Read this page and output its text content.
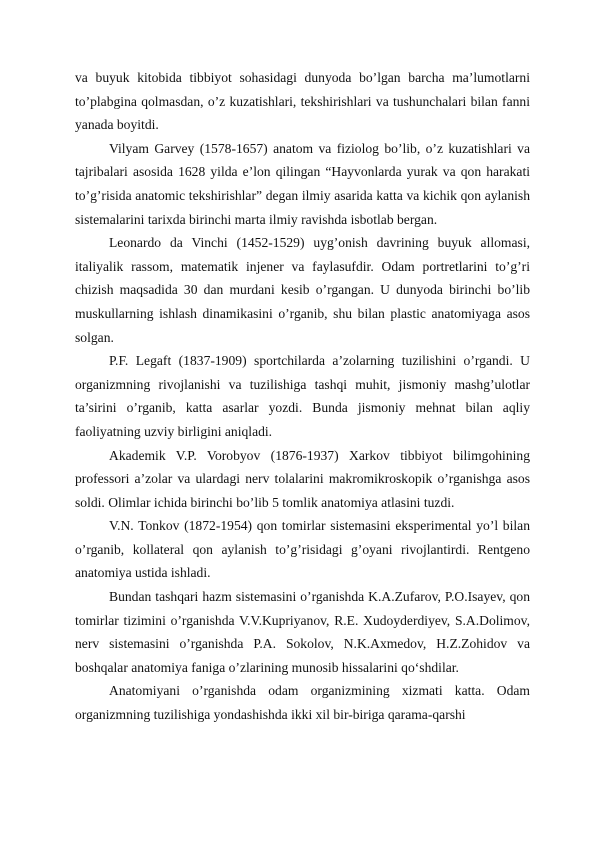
va buyuk kitobida tibbiyot sohasidagi dunyoda bo’lgan barcha ma’lumotlarni to’plabgina qolmasdan, o’z kuzatishlari, tekshirishlari va tushunchalari bilan fanni yanada boyitdi.

Vilyam Garvey (1578-1657) anatom va fiziolog bo’lib, o’z kuzatishlari va tajribalari asosida 1628 yilda e’lon qilingan “Hayvonlarda yurak va qon harakati to’g’risida anatomic tekshirishlar” degan ilmiy asarida katta va kichik qon aylanish sistemalarini tarixda birinchi marta ilmiy ravishda isbotlab bergan.

Leonardo da Vinchi (1452-1529) uyg’onish davrining buyuk allomasi, italiyalik rassom, matematik injener va faylasufdir. Odam portretlarini to’g’ri chizish maqsadida 30 dan murdani kesib o’rgangan. U dunyoda birinchi bo’lib muskullarning ishlash dinamikasini o’rganib, shu bilan plastic anatomiyaga asos solgan.

P.F. Legaft (1837-1909) sportchilarda a’zolarning tuzilishini o’rgandi. U organizmning rivojlanishi va tuzilishiga tashqi muhit, jismoniy mashg’ulotlar ta’sirini o’rganib, katta asarlar yozdi. Bunda jismoniy mehnat bilan aqliy faoliyatning uzviy birligini aniqladi.

Akademik V.P. Vorobyov (1876-1937) Xarkov tibbiyot bilimgohining professori a’zolar va ulardagi nerv tolalarini makromikroskopik o’rganishga asos soldi. Olimlar ichida birinchi bo’lib 5 tomlik anatomiya atlasini tuzdi.

V.N. Tonkov (1872-1954) qon tomirlar sistemasini eksperimental yo’l bilan o’rganib, kollateral qon aylanish to’g’risidagi g’oyani rivojlantirdi. Rentgeno anatomiya ustida ishladi.

Bundan tashqari hazm sistemasini o’rganishda K.A.Zufarov, P.O.Isayev, qon tomirlar tizimini o’rganishda V.V.Kupriyanov, R.E. Xudoyderdiyev, S.A.Dolimov, nerv sistemasini o’rganishda P.A. Sokolov, N.K.Axmedov, H.Z.Zohidov va boshqalar anatomiya faniga o’zlarining munosib hissalarini qo‘shdilar.

Anatomiyani o’rganishda odam organizmining xizmati katta. Odam organizmning tuzilishiga yondashishda ikki xil bir-biriga qarama-qarshi
